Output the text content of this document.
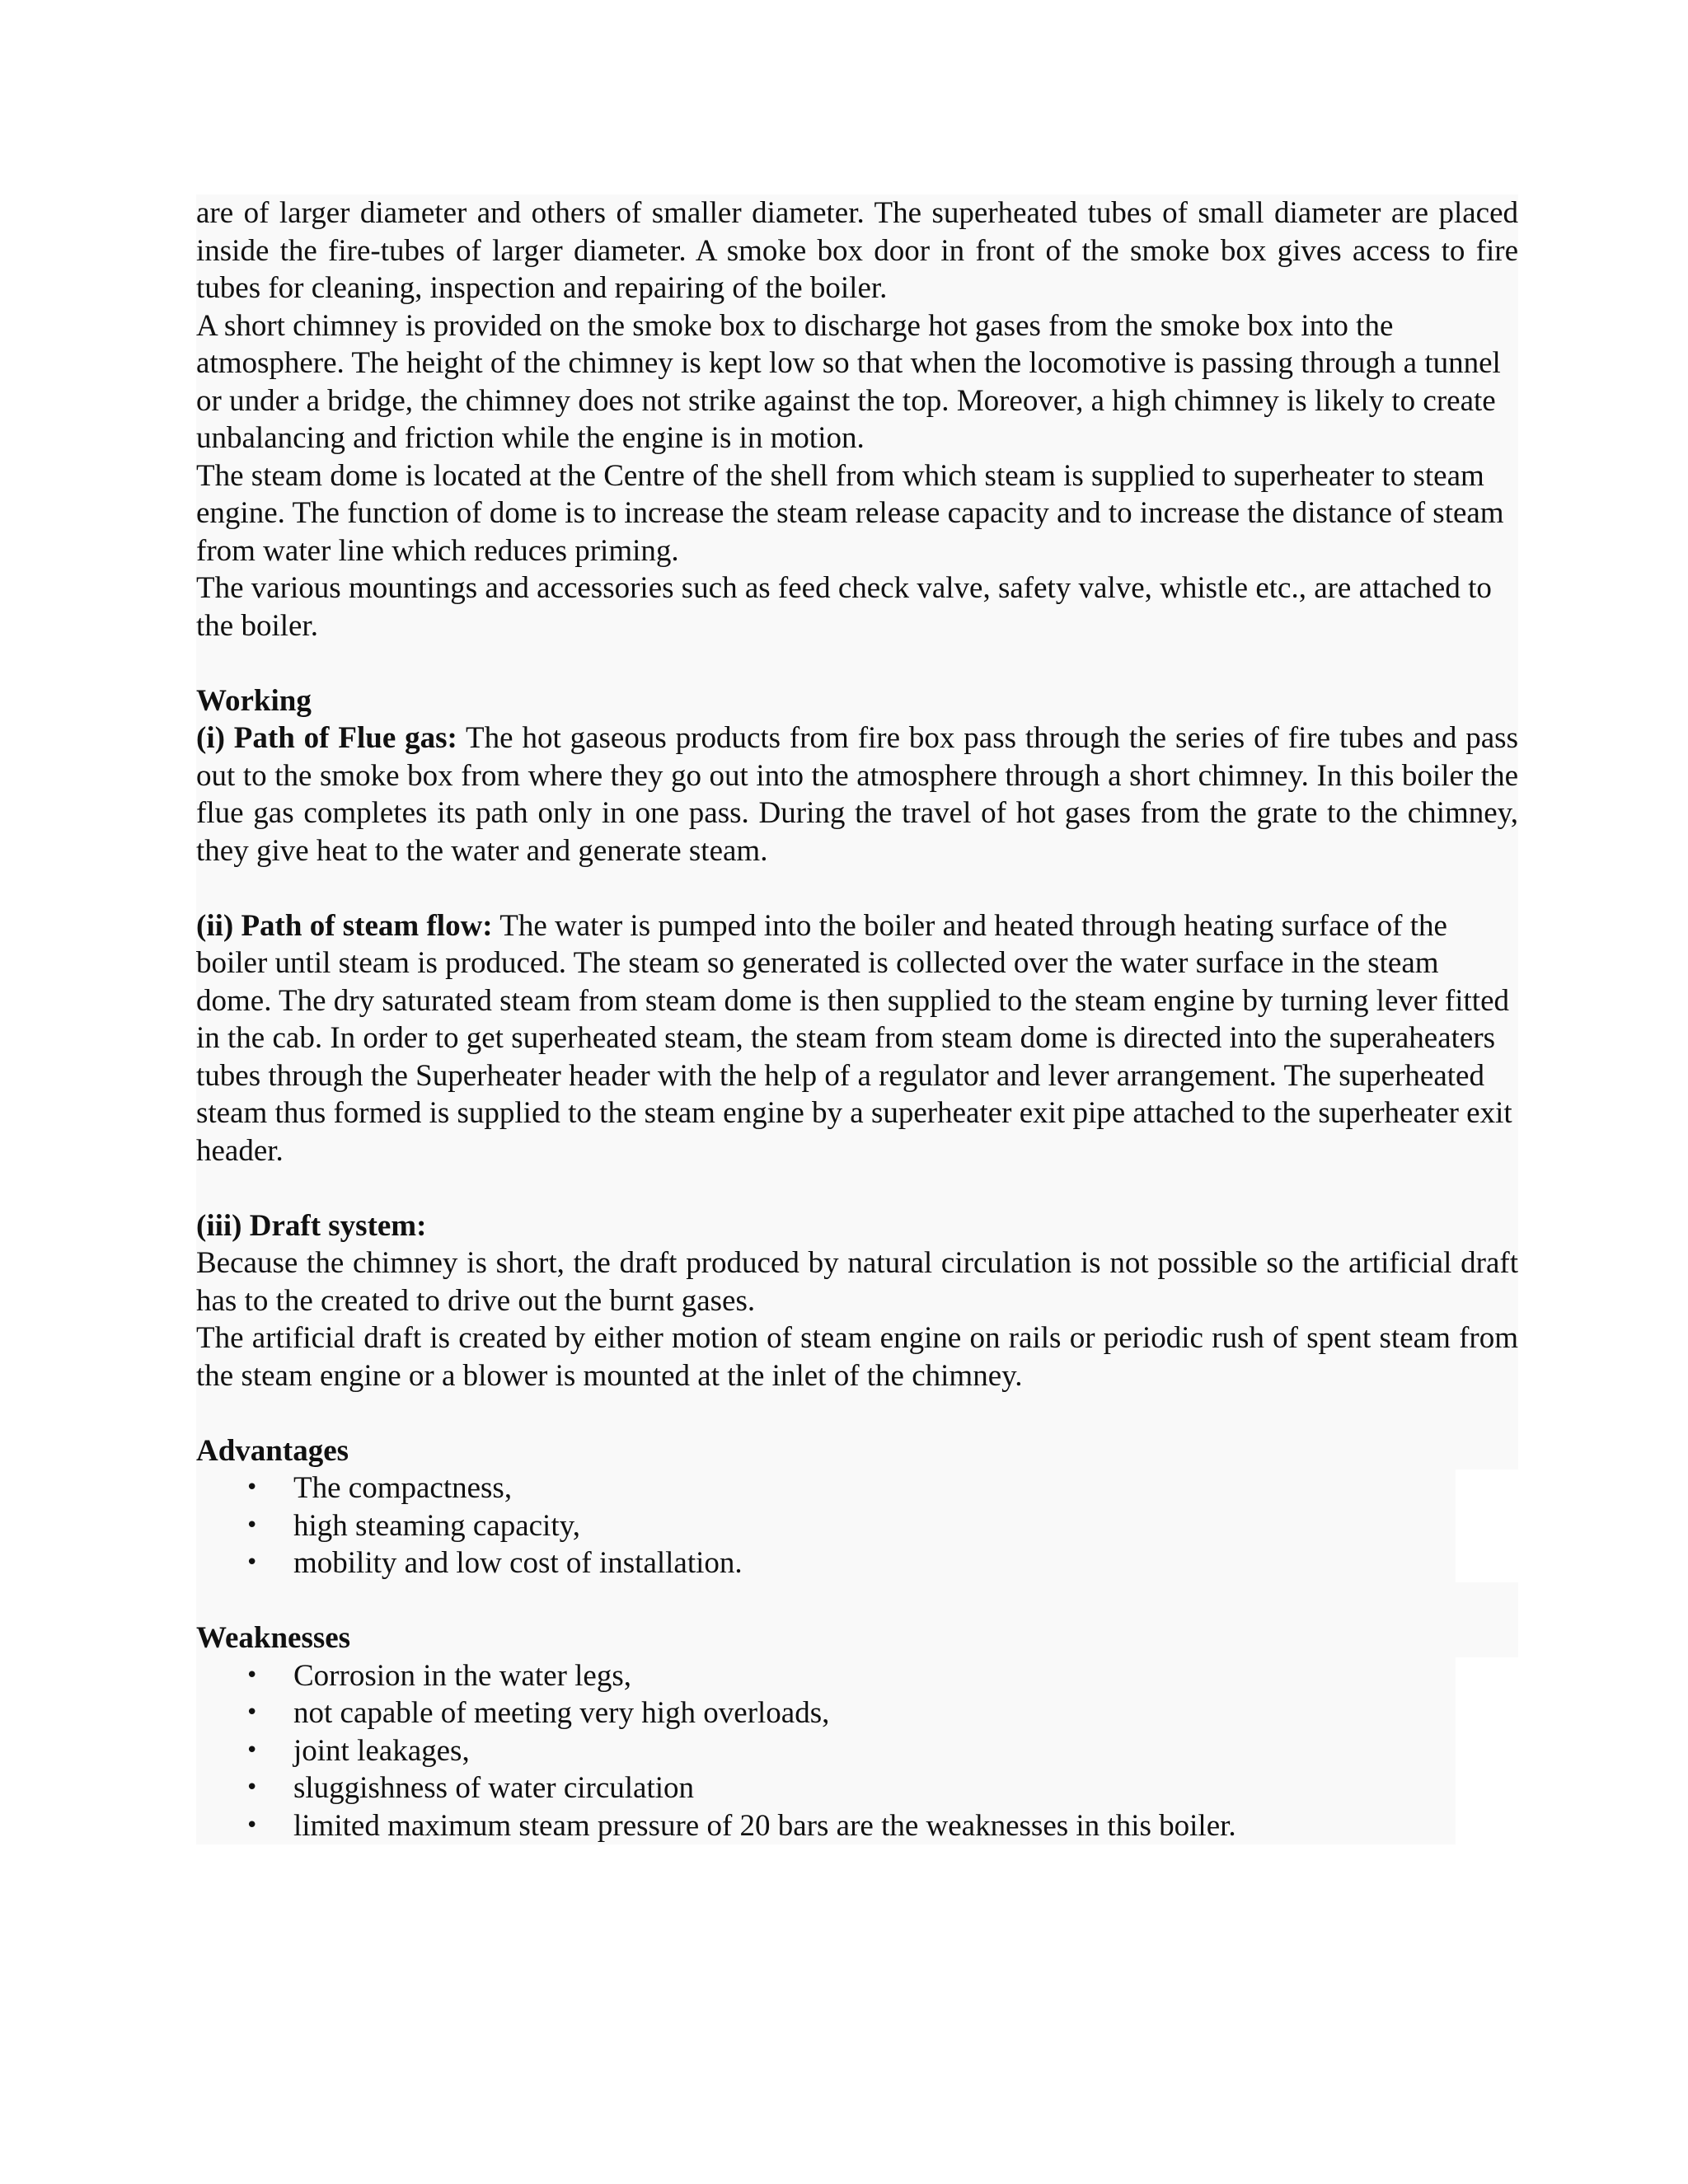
are of larger diameter and others of smaller diameter. The superheated tubes of small diameter are placed inside the fire-tubes of larger diameter. A smoke box door in front of the smoke box gives access to fire tubes for cleaning, inspection and repairing of the boiler.

A short chimney is provided on the smoke box to discharge hot gases from the smoke box into the atmosphere. The height of the chimney is kept low so that when the locomotive is passing through a tunnel or under a bridge, the chimney does not strike against the top. Moreover, a high chimney is likely to create unbalancing and friction while the engine is in motion.

The steam dome is located at the Centre of the shell from which steam is supplied to superheater to steam engine. The function of dome is to increase the steam release capacity and to increase the distance of steam from water line which reduces priming.

The various mountings and accessories such as feed check valve, safety valve, whistle etc., are attached to the boiler.

Working

(i) Path of Flue gas: The hot gaseous products from fire box pass through the series of fire tubes and pass out to the smoke box from where they go out into the atmosphere through a short chimney. In this boiler the flue gas completes its path only in one pass. During the travel of hot gases from the grate to the chimney, they give heat to the water and generate steam.

(ii) Path of steam flow: The water is pumped into the boiler and heated through heating surface of the boiler until steam is produced. The steam so generated is collected over the water surface in the steam dome. The dry saturated steam from steam dome is then supplied to the steam engine by turning lever fitted in the cab. In order to get superheated steam, the steam from steam dome is directed into the superaheaters tubes through the Superheater header with the help of a regulator and lever arrangement. The superheated steam thus formed is supplied to the steam engine by a superheater exit pipe attached to the superheater exit header.

(iii) Draft system:

Because the chimney is short, the draft produced by natural circulation is not possible so the artificial draft has to the created to drive out the burnt gases.

The artificial draft is created by either motion of steam engine on rails or periodic rush of spent steam from the steam engine or a blower is mounted at the inlet of the chimney.

Advantages

• The compactness,
• high steaming capacity,
• mobility and low cost of installation.

Weaknesses

• Corrosion in the water legs,
• not capable of meeting very high overloads,
• joint leakages,
• sluggishness of water circulation
• limited maximum steam pressure of 20 bars are the weaknesses in this boiler.
